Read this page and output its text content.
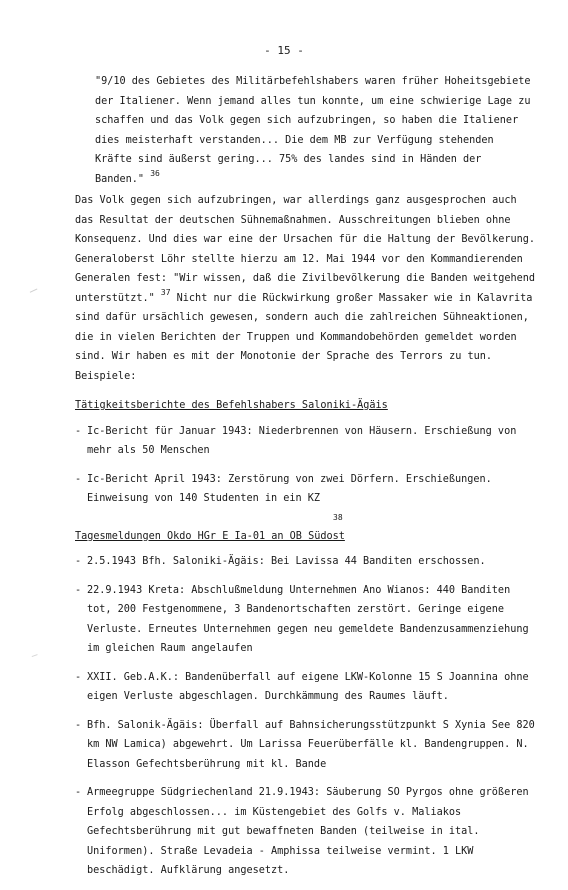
- 15 -

"9/10 des Gebietes des Militärbefehlshabers waren früher Hoheitsgebiete der Italiener. Wenn jemand alles tun konnte, um eine schwierige Lage zu schaffen und das Volk gegen sich aufzubringen, so haben die Italiener dies meisterhaft verstanden... Die dem MB zur Verfügung stehenden Kräfte sind äußerst gering... 75% des landes sind in Händen der Banden." $^{36}$

Das Volk gegen sich aufzubringen, war allerdings ganz ausgesprochen auch das Resultat der deutschen Sühnemaßnahmen. Ausschreitungen blieben ohne Konsequenz. Und dies war eine der Ursachen für die Haltung der Bevölkerung. Generaloberst Löhr stellte hierzu am 12. Mai 1944 vor den Kommandierenden Generalen fest: "Wir wissen, daß die Zivilbevölkerung die Banden weitgehend unterstützt." $^{37}$ Nicht nur die Rückwirkung großer Massaker wie in Kalavrita sind dafür ursächlich gewesen, sondern auch die zahlreichen Sühneaktionen, die in vielen Berichten der Truppen und Kommandobehörden gemeldet worden sind. Wir haben es mit der Monotonie der Sprache des Terrors zu tun. Beispiele:

Tätigkeitsberichte des Befehlshabers Saloniki-Ägäis
- Ic-Bericht für Januar 1943: Niederbrennen von Häusern. Erschießung von mehr als 50 Menschen
- Ic-Bericht April 1943: Zerstörung von zwei Dörfern. Erschießungen. Einweisung von 140 Studenten in ein KZ
Tagesmeldungen Okdo HGr E Ia-01 an OB Südost
38
- 2.5.1943 Bfh. Saloniki-Ägäis: Bei Lavissa 44 Banditen erschossen.
- 22.9.1943 Kreta: Abschlußmeldung Unternehmen Ano Wianos: 440 Banditen tot, 200 Festgenommene, 3 Bandenortschaften zerstört. Geringe eigene Verluste. Erneutes Unternehmen gegen neu gemeldete Bandenzusammenziehung im gleichen Raum angelaufen
- XXII. Geb.A.K.: Bandenüberfall auf eigene LKW-Kolonne 15 S Joannina ohne eigen Verluste abgeschlagen. Durchkämmung des Raumes läuft.
- Bfh. Salonik-Ägäis: Überfall auf Bahnsicherungsstützpunkt S Xynia See 820 km NW Lamica) abgewehrt. Um Larissa Feuerüberfälle kl. Bandengruppen. N. Elasson Gefechtsberührung mit kl. Bande
- Armeegruppe Südgriechenland 21.9.1943: Säuberung SO Pyrgos ohne größeren Erfolg abgeschlossen... im Küstengebiet des Golfs v. Maliakos Gefechtsberührung mit gut bewaffneten Banden (teilweise in ital. Uniformen). Straße Levadeia - Amphissa teilweise vermint. 1 LKW beschädigt. Aufklärung angesetzt.
